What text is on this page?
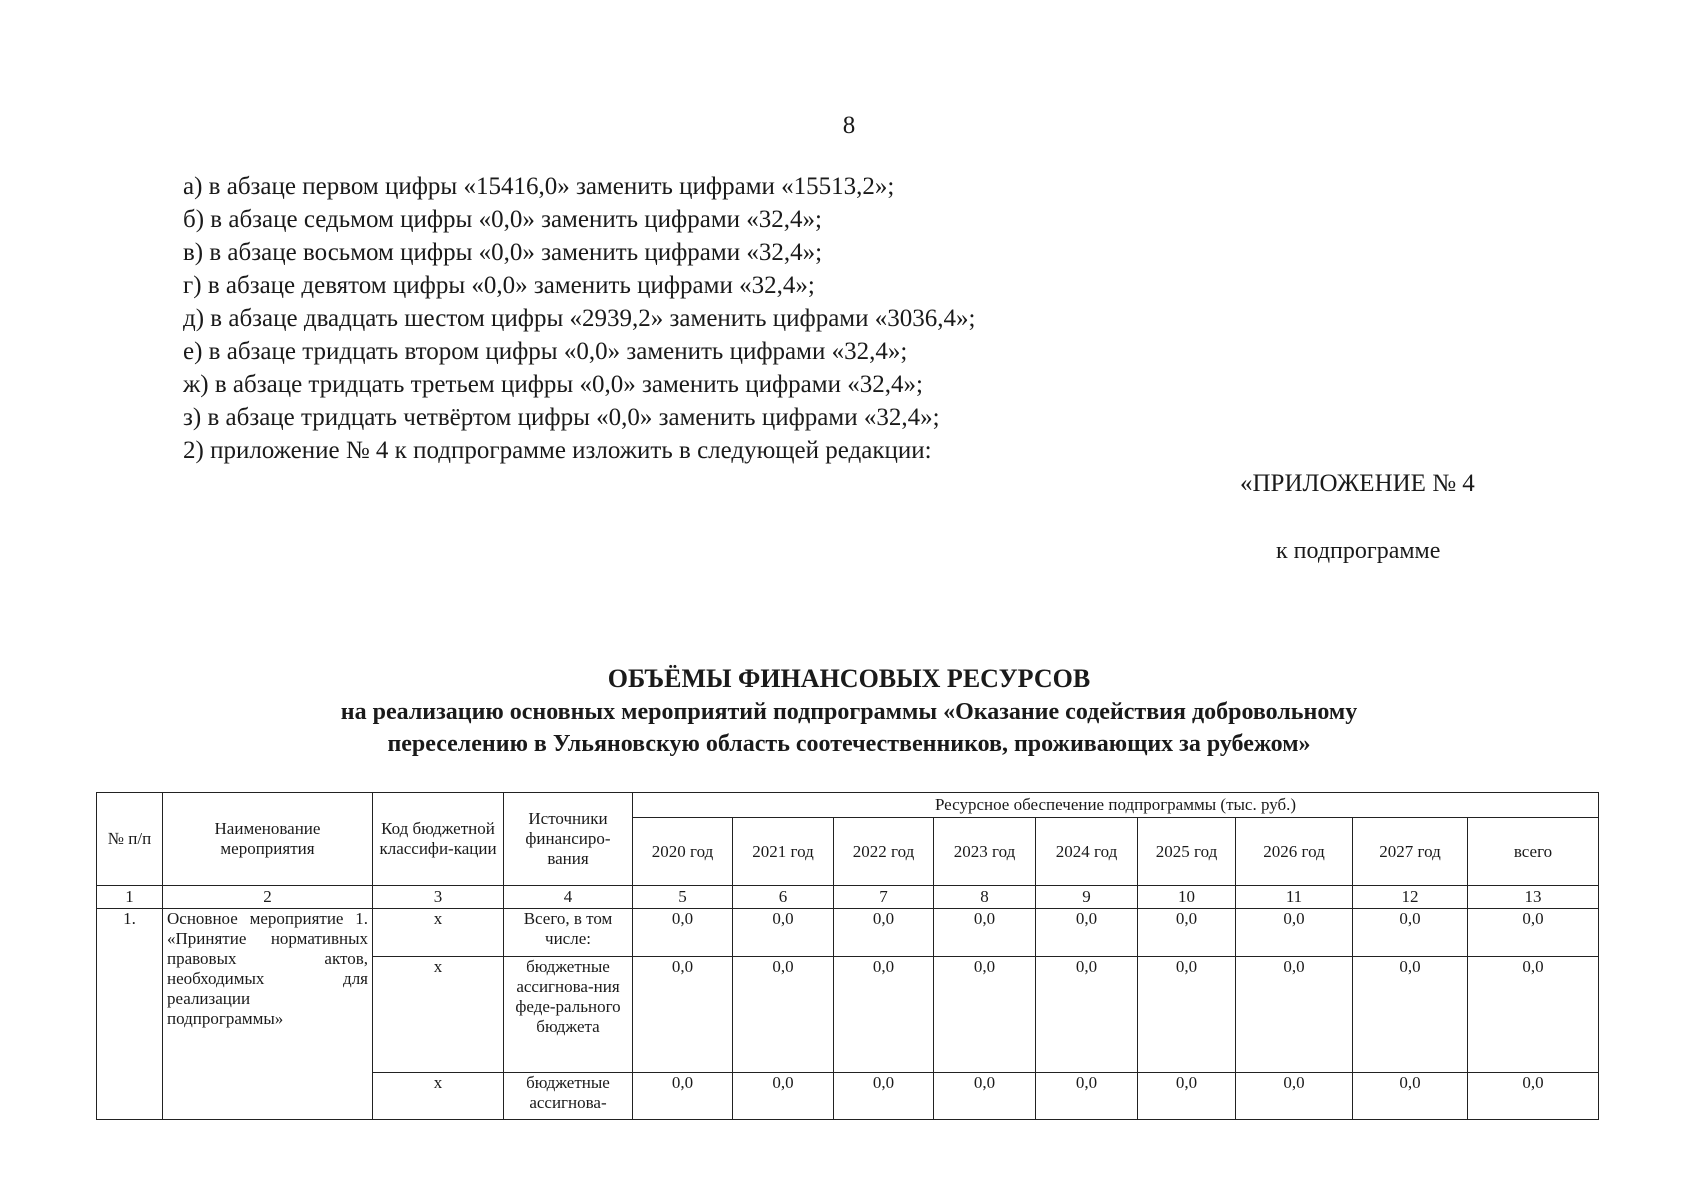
8
а) в абзаце первом цифры «15416,0» заменить цифрами «15513,2»;
б) в абзаце седьмом цифры «0,0» заменить цифрами «32,4»;
в) в абзаце восьмом цифры «0,0» заменить цифрами «32,4»;
г) в абзаце девятом цифры «0,0» заменить цифрами «32,4»;
д) в абзаце двадцать шестом цифры «2939,2» заменить цифрами «3036,4»;
е) в абзаце тридцать втором цифры «0,0» заменить цифрами «32,4»;
ж) в абзаце тридцать третьем цифры «0,0» заменить цифрами «32,4»;
з) в абзаце тридцать четвёртом цифры «0,0» заменить цифрами «32,4»;
2) приложение № 4 к подпрограмме изложить в следующей редакции:
«ПРИЛОЖЕНИЕ № 4
к подпрограмме
ОБЪЁМЫ ФИНАНСОВЫХ РЕСУРСОВ
на реализацию основных мероприятий подпрограммы «Оказание содействия добровольному
переселению в Ульяновскую область соотечественников, проживающих за рубежом»
№ п/п	Наименование мероприятия	Код бюджетной классифи-кации	Источники финансиро-вания	Ресурсное обеспечение подпрограммы (тыс. руб.)								
				2020 год	2021 год	2022 год	2023 год	2024 год	2025 год	2026 год	2027 год	всего
1	2	3	4	5	6	7	8	9	10	11	12	13
1.	Основное мероприятие 1. «Принятие нормативных правовых актов, необходимых для реализации подпрограммы»	х	Всего, в том числе:	0,0	0,0	0,0	0,0	0,0	0,0	0,0	0,0	0,0
		х	бюджетные ассигнова-ния феде-рального бюджета	0,0	0,0	0,0	0,0	0,0	0,0	0,0	0,0	0,0
		х	бюджетные ассигнова-	0,0	0,0	0,0	0,0	0,0	0,0	0,0	0,0	0,0
